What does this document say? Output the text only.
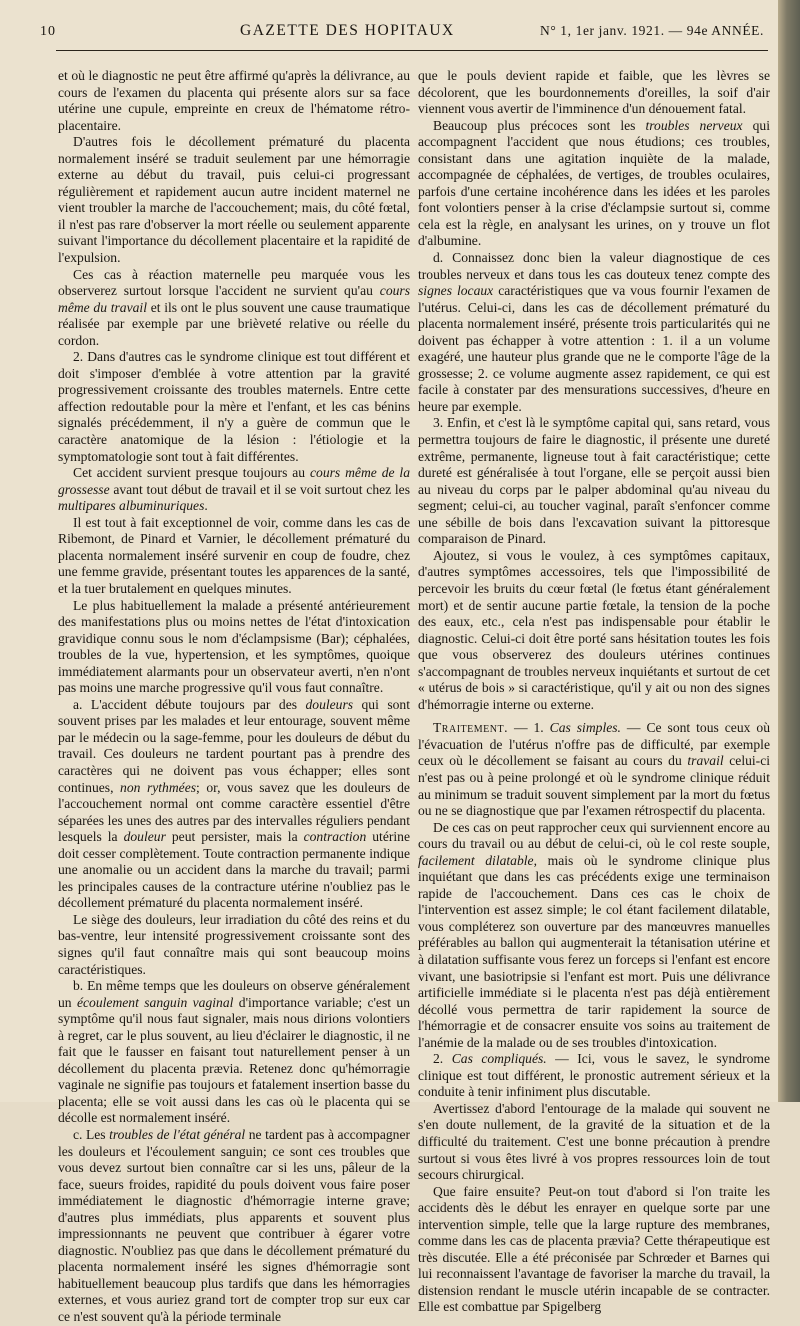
10	GAZETTE DES HOPITAUX	N° 1, 1er janv. 1921. — 94e ANNÉE.

et où le diagnostic ne peut être affirmé qu'après la délivrance, au cours de l'examen du placenta qui présente alors sur sa face utérine une cupule, empreinte en creux de l'hématome rétro-placentaire.

D'autres fois le décollement prématuré du placenta normalement inséré se traduit seulement par une hémorragie externe au début du travail, puis celui-ci progressant régulièrement et rapidement aucun autre incident maternel ne vient troubler la marche de l'accouchement; mais, du côté fœtal, il n'est pas rare d'observer la mort réelle ou seulement apparente suivant l'importance du décollement placentaire et la rapidité de l'expulsion.

Ces cas à réaction maternelle peu marquée vous les observerez surtout lorsque l'accident ne survient qu'au cours même du travail et ils ont le plus souvent une cause traumatique réalisée par exemple par une brièveté relative ou réelle du cordon.

2. Dans d'autres cas le syndrome clinique est tout différent et doit s'imposer d'emblée à votre attention par la gravité progressivement croissante des troubles maternels. Entre cette affection redoutable pour la mère et l'enfant, et les cas bénins signalés précédemment, il n'y a guère de commun que le caractère anatomique de la lésion : l'étiologie et la symptomatologie sont tout à fait différentes.

Cet accident survient presque toujours au cours même de la grossesse avant tout début de travail et il se voit surtout chez les multipares albuminuriques.

Il est tout à fait exceptionnel de voir, comme dans les cas de Ribemont, de Pinard et Varnier, le décollement prématuré du placenta normalement inséré survenir en coup de foudre, chez une femme gravide, présentant toutes les apparences de la santé, et la tuer brutalement en quelques minutes.

Le plus habituellement la malade a présenté antérieurement des manifestations plus ou moins nettes de l'état d'intoxication gravidique connu sous le nom d'éclampsisme (Bar); céphalées, troubles de la vue, hypertension, et les symptômes, quoique immédiatement alarmants pour un observateur averti, n'en n'ont pas moins une marche progressive qu'il vous faut connaître.

a. L'accident débute toujours par des douleurs qui sont souvent prises par les malades et leur entourage, souvent même par le médecin ou la sage-femme, pour les douleurs de début du travail. Ces douleurs ne tardent pourtant pas à prendre des caractères qui ne doivent pas vous échapper; elles sont continues, non rythmées; or, vous savez que les douleurs de l'accouchement normal ont comme caractère essentiel d'être séparées les unes des autres par des intervalles réguliers pendant lesquels la douleur peut persister, mais la contraction utérine doit cesser complètement. Toute contraction permanente indique une anomalie ou un accident dans la marche du travail; parmi les principales causes de la contracture utérine n'oubliez pas le décollement prématuré du placenta normalement inséré.

Le siège des douleurs, leur irradiation du côté des reins et du bas-ventre, leur intensité progressivement croissante sont des signes qu'il faut connaître mais qui sont beaucoup moins caractéristiques.

b. En même temps que les douleurs on observe généralement un écoulement sanguin vaginal d'importance variable; c'est un symptôme qu'il nous faut signaler, mais nous dirions volontiers à regret, car le plus souvent, au lieu d'éclairer le diagnostic, il ne fait que le fausser en faisant tout naturellement penser à un décollement du placenta prævia. Retenez donc qu'hémorragie vaginale ne signifie pas toujours et fatalement insertion basse du placenta; elle se voit aussi dans les cas où le placenta qui se décolle est normalement inséré.

c. Les troubles de l'état général ne tardent pas à accompagner les douleurs et l'écoulement sanguin; ce sont ces troubles que vous devez surtout bien connaître car si les uns, pâleur de la face, sueurs froides, rapidité du pouls doivent vous faire poser immédiatement le diagnostic d'hémorragie interne grave; d'autres plus immédiats, plus apparents et souvent plus impressionnants ne peuvent que contribuer à égarer votre diagnostic. N'oubliez pas que dans le décollement prématuré du placenta normalement inséré les signes d'hémorragie sont habituellement beaucoup plus tardifs que dans les hémorragies externes, et vous auriez grand tort de compter trop sur eux car ce n'est souvent qu'à la période terminale

que le pouls devient rapide et faible, que les lèvres se décolorent, que les bourdonnements d'oreilles, la soif d'air viennent vous avertir de l'imminence d'un dénouement fatal.

Beaucoup plus précoces sont les troubles nerveux qui accompagnent l'accident que nous étudions; ces troubles, consistant dans une agitation inquiète de la malade, accompagnée de céphalées, de vertiges, de troubles oculaires, parfois d'une certaine incohérence dans les idées et les paroles font volontiers penser à la crise d'éclampsie surtout si, comme cela est la règle, en analysant les urines, on y trouve un flot d'albumine.

d. Connaissez donc bien la valeur diagnostique de ces troubles nerveux et dans tous les cas douteux tenez compte des signes locaux caractéristiques que va vous fournir l'examen de l'utérus. Celui-ci, dans les cas de décollement prématuré du placenta normalement inséré, présente trois particularités qui ne doivent pas échapper à votre attention : 1. il a un volume exagéré, une hauteur plus grande que ne le comporte l'âge de la grossesse; 2. ce volume augmente assez rapidement, ce qui est facile à constater par des mensurations successives, d'heure en heure par exemple.

3. Enfin, et c'est là le symptôme capital qui, sans retard, vous permettra toujours de faire le diagnostic, il présente une dureté extrême, permanente, ligneuse tout à fait caractéristique; cette dureté est généralisée à tout l'organe, elle se perçoit aussi bien au niveau du corps par le palper abdominal qu'au niveau du segment; celui-ci, au toucher vaginal, paraît s'enfoncer comme une sébille de bois dans l'excavation suivant la pittoresque comparaison de Pinard.

Ajoutez, si vous le voulez, à ces symptômes capitaux, d'autres symptômes accessoires, tels que l'impossibilité de percevoir les bruits du cœur fœtal (le fœtus étant généralement mort) et de sentir aucune partie fœtale, la tension de la poche des eaux, etc., cela n'est pas indispensable pour établir le diagnostic. Celui-ci doit être porté sans hésitation toutes les fois que vous observerez des douleurs utérines continues s'accompagnant de troubles nerveux inquiétants et surtout de cet « utérus de bois » si caractéristique, qu'il y ait ou non des signes d'hémorragie interne ou externe.

Traitement. — 1. Cas simples. — Ce sont tous ceux où l'évacuation de l'utérus n'offre pas de difficulté, par exemple ceux où le décollement se faisant au cours du travail celui-ci n'est pas ou à peine prolongé et où le syndrome clinique réduit au minimum se traduit souvent simplement par la mort du fœtus ou ne se diagnostique que par l'examen rétrospectif du placenta.

De ces cas on peut rapprocher ceux qui surviennent encore au cours du travail ou au début de celui-ci, où le col reste souple, facilement dilatable, mais où le syndrome clinique plus inquiétant que dans les cas précédents exige une terminaison rapide de l'accouchement. Dans ces cas le choix de l'intervention est assez simple; le col étant facilement dilatable, vous compléterez son ouverture par des manœuvres manuelles préférables au ballon qui augmenterait la tétanisation utérine et à dilatation suffisante vous ferez un forceps si l'enfant est encore vivant, une basiotripsie si l'enfant est mort. Puis une délivrance artificielle immédiate si le placenta n'est pas déjà entièrement décollé vous permettra de tarir rapidement la source de l'hémorragie et de consacrer ensuite vos soins au traitement de l'anémie de la malade ou de ses troubles d'intoxication.

2. Cas compliqués. — Ici, vous le savez, le syndrome clinique est tout différent, le pronostic autrement sérieux et la conduite à tenir infiniment plus discutable.

Avertissez d'abord l'entourage de la malade qui souvent ne s'en doute nullement, de la gravité de la situation et de la difficulté du traitement. C'est une bonne précaution à prendre surtout si vous êtes livré à vos propres ressources loin de tout secours chirurgical.

Que faire ensuite? Peut-on tout d'abord si l'on traite les accidents dès le début les enrayer en quelque sorte par une intervention simple, telle que la large rupture des membranes, comme dans les cas de placenta prævia? Cette thérapeutique est très discutée. Elle a été préconisée par Schrœder et Barnes qui lui reconnaissent l'avantage de favoriser la marche du travail, la distension rendant le muscle utérin incapable de se contracter. Elle est combattue par Spigelberg
